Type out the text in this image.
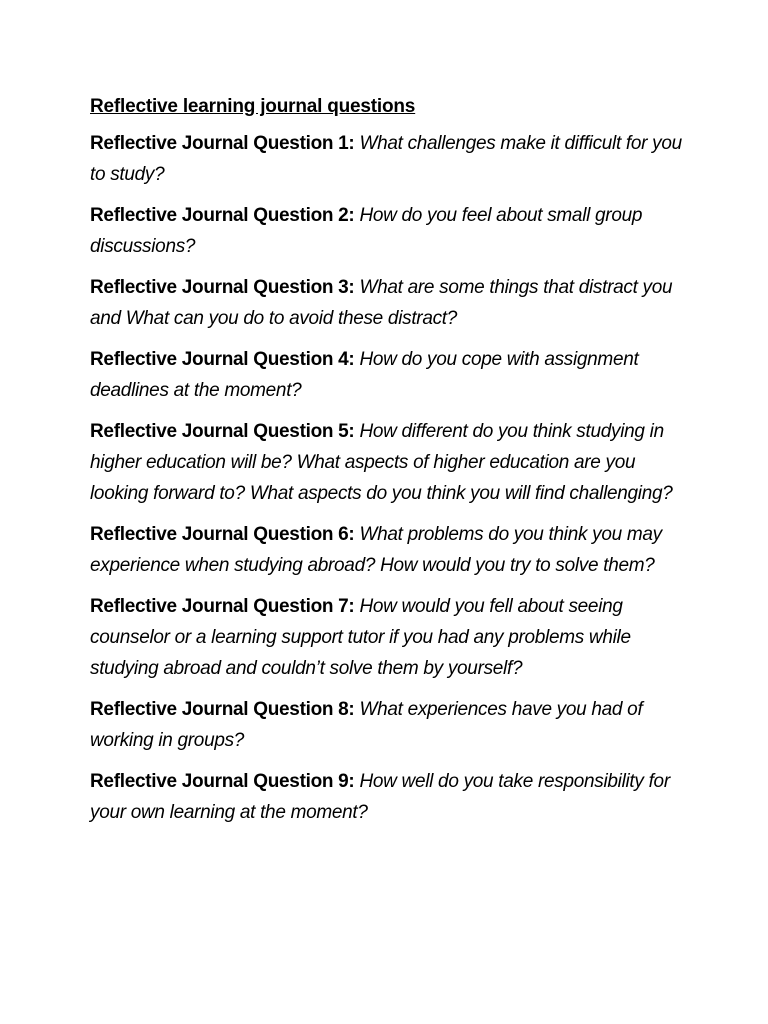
Reflective learning journal questions

Reflective Journal Question 1: What challenges make it difficult for you to study?

Reflective Journal Question 2: How do you feel about small group discussions?

Reflective Journal Question 3: What are some things that distract you and What can you do to avoid these distract?

Reflective Journal Question 4: How do you cope with assignment deadlines at the moment?

Reflective Journal Question 5: How different do you think studying in higher education will be? What aspects of higher education are you looking forward to? What aspects do you think you will find challenging?

Reflective Journal Question 6: What problems do you think you may experience when studying abroad? How would you try to solve them?

Reflective Journal Question 7: How would you fell about seeing counselor or a learning support tutor if you had any problems while studying abroad and couldn’t solve them by yourself?

Reflective Journal Question 8: What experiences have you had of working in groups?

Reflective Journal Question 9: How well do you take responsibility for your own learning at the moment?
